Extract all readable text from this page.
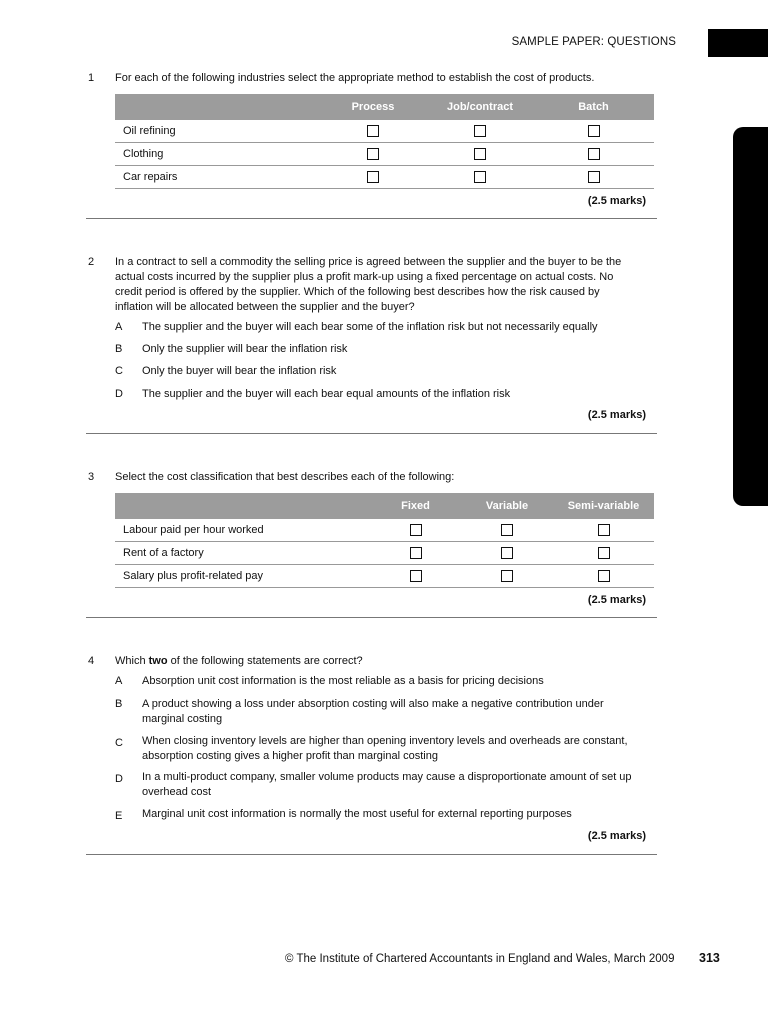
SAMPLE PAPER: QUESTIONS
1 For each of the following industries select the appropriate method to establish the cost of products.
	Process	Job/contract	Batch
Oil refining			
Clothing			
Car repairs			
(2.5 marks)			
2 In a contract to sell a commodity the selling price is agreed between the supplier and the buyer to be the actual costs incurred by the supplier plus a profit mark-up using a fixed percentage on actual costs. No credit period is offered by the supplier. Which of the following best describes how the risk caused by inflation will be allocated between the supplier and the buyer?
A The supplier and the buyer will each bear some of the inflation risk but not necessarily equally
B Only the supplier will bear the inflation risk
C Only the buyer will bear the inflation risk
D The supplier and the buyer will each bear equal amounts of the inflation risk
(2.5 marks)
3 Select the cost classification that best describes each of the following:
	Fixed	Variable	Semi-variable
Labour paid per hour worked			
Rent of a factory			
Salary plus profit-related pay			
(2.5 marks)			
4 Which two of the following statements are correct?
A Absorption unit cost information is the most reliable as a basis for pricing decisions
B A product showing a loss under absorption costing will also make a negative contribution under marginal costing
C When closing inventory levels are higher than opening inventory levels and overheads are constant, absorption costing gives a higher profit than marginal costing
D In a multi-product company, smaller volume products may cause a disproportionate amount of set up overhead cost
E Marginal unit cost information is normally the most useful for external reporting purposes
(2.5 marks)
© The Institute of Chartered Accountants in England and Wales, March 2009 313
